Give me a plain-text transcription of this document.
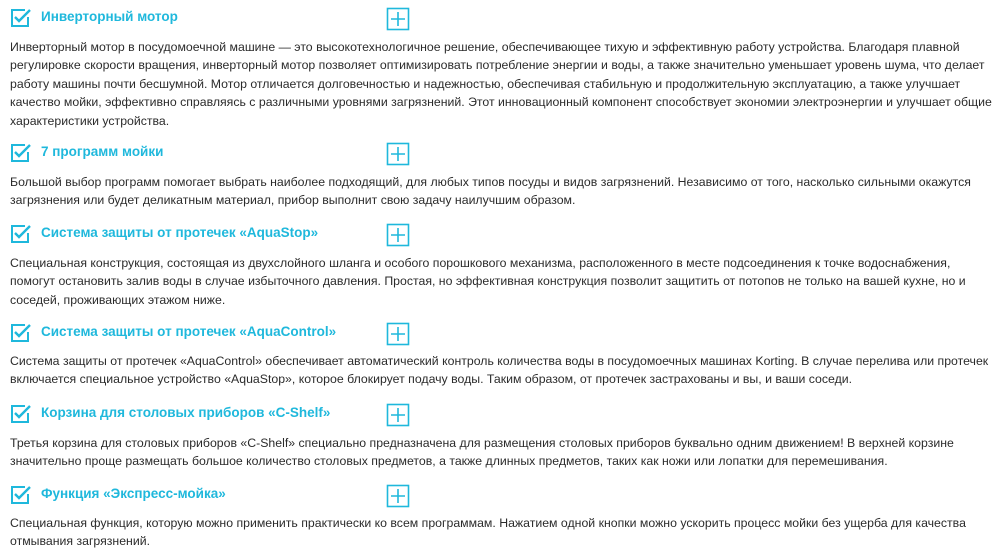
Инверторный мотор

Инверторный мотор в посудомоечной машине — это высокотехнологичное решение, обеспечивающее тихую и эффективную работу устройства. Благодаря плавной регулировке скорости вращения, инверторный мотор позволяет оптимизировать потребление энергии и воды, а также значительно уменьшает уровень шума, что делает работу машины почти бесшумной. Мотор отличается долговечностью и надежностью, обеспечивая стабильную и продолжительную эксплуатацию, а также улучшает качество мойки, эффективно справляясь с различными уровнями загрязнений. Этот инновационный компонент способствует экономии электроэнергии и улучшает общие характеристики устройства.

7 программ мойки

Большой выбор программ помогает выбрать наиболее подходящий, для любых типов посуды и видов загрязнений. Независимо от того, насколько сильными окажутся загрязнения или будет деликатным материал, прибор выполнит свою задачу наилучшим образом.

Система защиты от протечек «AquaStop»

Специальная конструкция, состоящая из двухслойного шланга и особого порошкового механизма, расположенного в месте подсоединения к точке водоснабжения, помогут остановить залив воды в случае избыточного давления. Простая, но эффективная конструкция позволит защитить от потопов не только на вашей кухне, но и соседей, проживающих этажом ниже.

Система защиты от протечек «AquaControl»

Система защиты от протечек «AquaControl» обеспечивает автоматический контроль количества воды в посудомоечных машинах Korting. В случае перелива или протечек включается специальное устройство «AquaStop», которое блокирует подачу воды. Таким образом, от протечек застрахованы и вы, и ваши соседи.

Корзина для столовых приборов «C-Shelf»

Третья корзина для столовых приборов «C-Shelf» специально предназначена для размещения столовых приборов буквально одним движением! В верхней корзине значительно проще размещать большое количество столовых предметов, а также длинных предметов, таких как ножи или лопатки для перемешивания.

Функция «Экспресс-мойка»

Специальная функция, которую можно применить практически ко всем программам. Нажатием одной кнопки можно ускорить процесс мойки без ущерба для качества отмывания загрязнений.
